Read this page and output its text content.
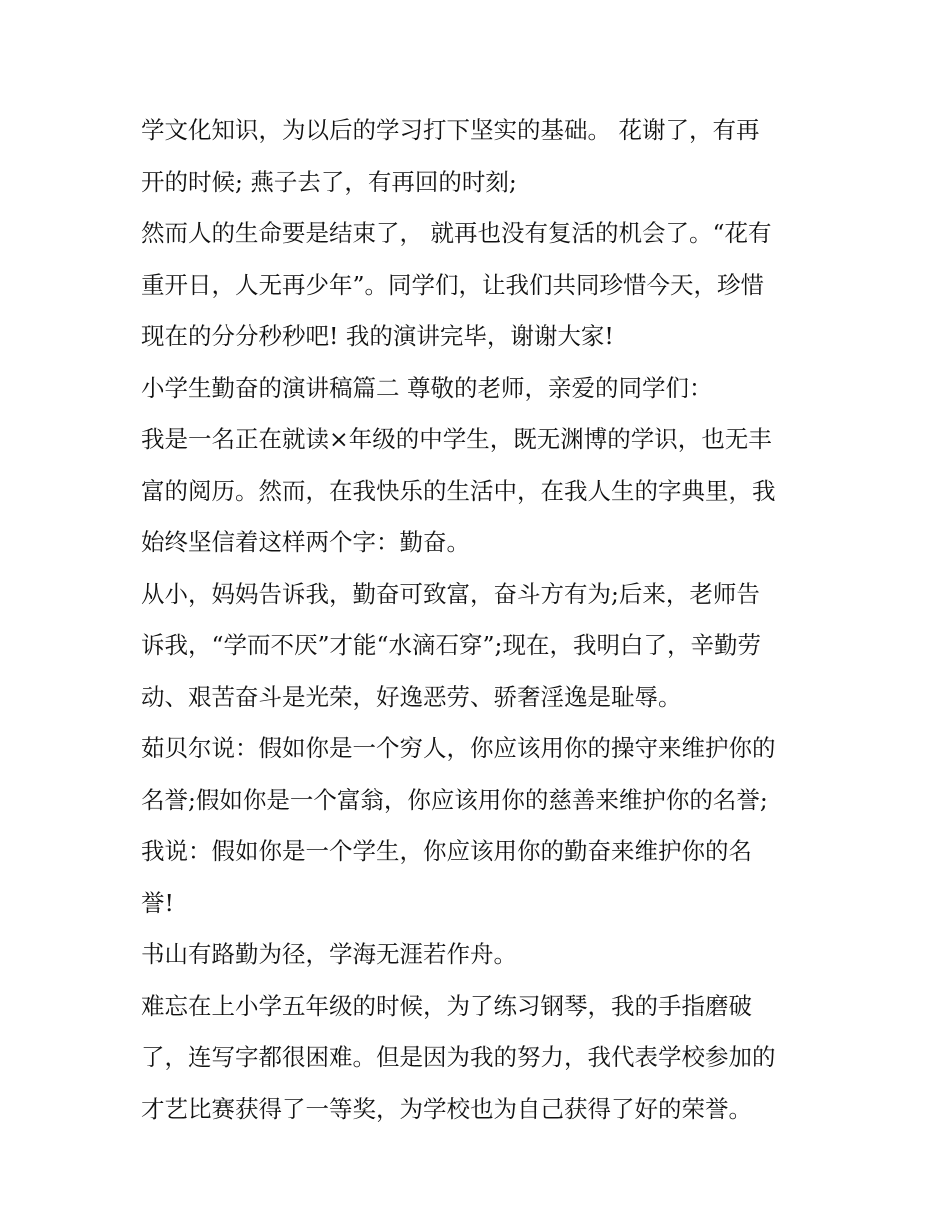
学文化知识，为以后的学习打下坚实的基础。 花谢了，有再
开的时候; 燕子去了，有再回的时刻;
然而人的生命要是结束了， 就再也没有复活的机会了。“花有
重开日，人无再少年”。同学们，让我们共同珍惜今天，珍惜
现在的分分秒秒吧! 我的演讲完毕，谢谢大家!
小学生勤奋的演讲稿篇二 尊敬的老师，亲爱的同学们：
我是一名正在就读×年级的中学生，既无渊博的学识，也无丰
富的阅历。然而，在我快乐的生活中，在我人生的字典里，我
始终坚信着这样两个字：勤奋。
从小，妈妈告诉我，勤奋可致富，奋斗方有为;后来，老师告
诉我，“学而不厌”才能“水滴石穿”;现在，我明白了，辛勤劳
动、艰苦奋斗是光荣，好逸恶劳、骄奢淫逸是耻辱。
茹贝尔说：假如你是一个穷人，你应该用你的操守来维护你的
名誉;假如你是一个富翁，你应该用你的慈善来维护你的名誉;
我说：假如你是一个学生，你应该用你的勤奋来维护你的名
誉!
书山有路勤为径，学海无涯若作舟。
难忘在上小学五年级的时候，为了练习钢琴，我的手指磨破
了，连写字都很困难。但是因为我的努力，我代表学校参加的
才艺比赛获得了一等奖，为学校也为自己获得了好的荣誉。
